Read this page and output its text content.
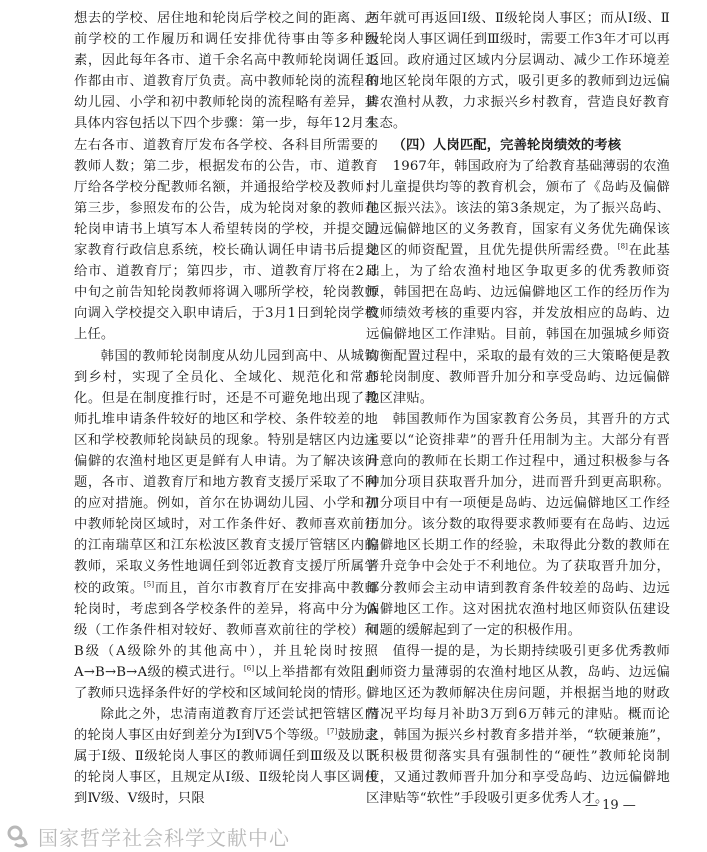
想去的学校、居住地和轮岗后学校之间的距离、之前学校的工作履历和调任安排优待事由等多种因素，因此每年各市、道千余名高中教师轮岗调任工作都由市、道教育厅负责。高中教师轮岗的流程和幼儿园、小学和初中教师轮岗的流程略有差异，其具体内容包括以下四个步骤：第一步，每年12月末左右各市、道教育厅发布各学校、各科目所需要的教师人数；第二步，根据发布的公告，市、道教育厅给各学校分配教师名额，并通报给学校及教师；第三步，参照发布的公告，成为轮岗对象的教师在轮岗申请书上填写本人希望转岗的学校，并提交国家教育行政信息系统，校长确认调任申请书后提交给市、道教育厅；第四步，市、道教育厅将在2月中旬之前告知轮岗教师将调入哪所学校，轮岗教师向调入学校提交入职申请后，于3月1日到轮岗学校上任。

韩国的教师轮岗制度从幼儿园到高中、从城镇到乡村，实现了全员化、全域化、规范化和常态化。但是在制度推行时，还是不可避免地出现了教师扎堆申请条件较好的地区和学校、条件较差的地区和学校教师轮岗缺员的现象。特别是辖区内边远偏僻的农渔村地区更是鲜有人申请。为了解决该问题，各市、道教育厅和地方教育支援厅采取了不同的应对措施。例如，首尔在协调幼儿园、小学和初中教师轮岗区域时，对工作条件好、教师喜欢前往的江南瑞草区和江东松波区教育支援厅管辖区内的教师，采取义务性地调任到邻近教育支援厅所属学校的政策。[5]而且，首尔市教育厅在安排高中教师轮岗时，考虑到各学校条件的差异，将高中分为A级（工作条件相对较好、教师喜欢前往的学校）和B级（A级除外的其他高中），并且轮岗时按照A→B→B→A级的模式进行。[6]以上举措都有效阻止了教师只选择条件好的学校和区域间轮岗的情形。

除此之外，忠清南道教育厅还尝试把管辖区内的轮岗人事区由好到差分为Ⅰ到Ⅴ5个等级。[7]鼓励隶属于Ⅰ级、Ⅱ级轮岗人事区的教师调任到Ⅲ级及以下的轮岗人事区，且规定从Ⅰ级、Ⅱ级轮岗人事区调任到Ⅳ级、Ⅴ级时，只限

两年就可再返回Ⅰ级、Ⅱ级轮岗人事区；而从Ⅰ级、Ⅱ级轮岗人事区调任到Ⅲ级时，需要工作3年才可以再返回。政府通过区域内分层调动、减少工作环境差的地区轮岗年限的方式，吸引更多的教师到边远偏僻农渔村从教，力求振兴乡村教育，营造良好教育生态。

（四）人岗匹配，完善轮岗绩效的考核

1967年，韩国政府为了给教育基础薄弱的农渔村儿童提供均等的教育机会，颁布了《岛屿及偏僻地区振兴法》。该法的第3条规定，为了振兴岛屿、边远偏僻地区的义务教育，国家有义务优先确保该地区的师资配置，且优先提供所需经费。[8]在此基础上，为了给农渔村地区争取更多的优秀教师资源，韩国把在岛屿、边远偏僻地区工作的经历作为教师绩效考核的重要内容，并发放相应的岛屿、边远偏僻地区工作津贴。目前，韩国在加强城乡师资均衡配置过程中，采取的最有效的三大策略便是教师轮岗制度、教师晋升加分和享受岛屿、边远偏僻地区津贴。

韩国教师作为国家教育公务员，其晋升的方式主要以“论资排辈”的晋升任用制为主。大部分有晋升意向的教师在长期工作过程中，通过积极参与各种加分项目获取晋升加分，进而晋升到更高职称。加分项目中有一项便是岛屿、边远偏僻地区工作经历加分。该分数的取得要求教师要有在岛屿、边远偏僻地区长期工作的经验，未取得此分数的教师在晋升竞争中会处于不利地位。为了获取晋升加分，部分教师会主动申请到教育条件较差的岛屿、边远偏僻地区工作。这对困扰农渔村地区师资队伍建设问题的缓解起到了一定的积极作用。

值得一提的是，为长期持续吸引更多优秀教师到师资力量薄弱的农渔村地区从教，岛屿、边远偏僻地区还为教师解决住房问题，并根据当地的财政情况平均每月补助3万到6万韩元的津贴。概而论之，韩国为振兴乡村教育多措并举，“软硬兼施”，既积极贯彻落实具有强制性的“硬性”教师轮岗制度，又通过教师晋升加分和享受岛屿、边远偏僻地区津贴等“软性”手段吸引更多优秀人才。

— 19 —
国家哲学社会科学文献中心
